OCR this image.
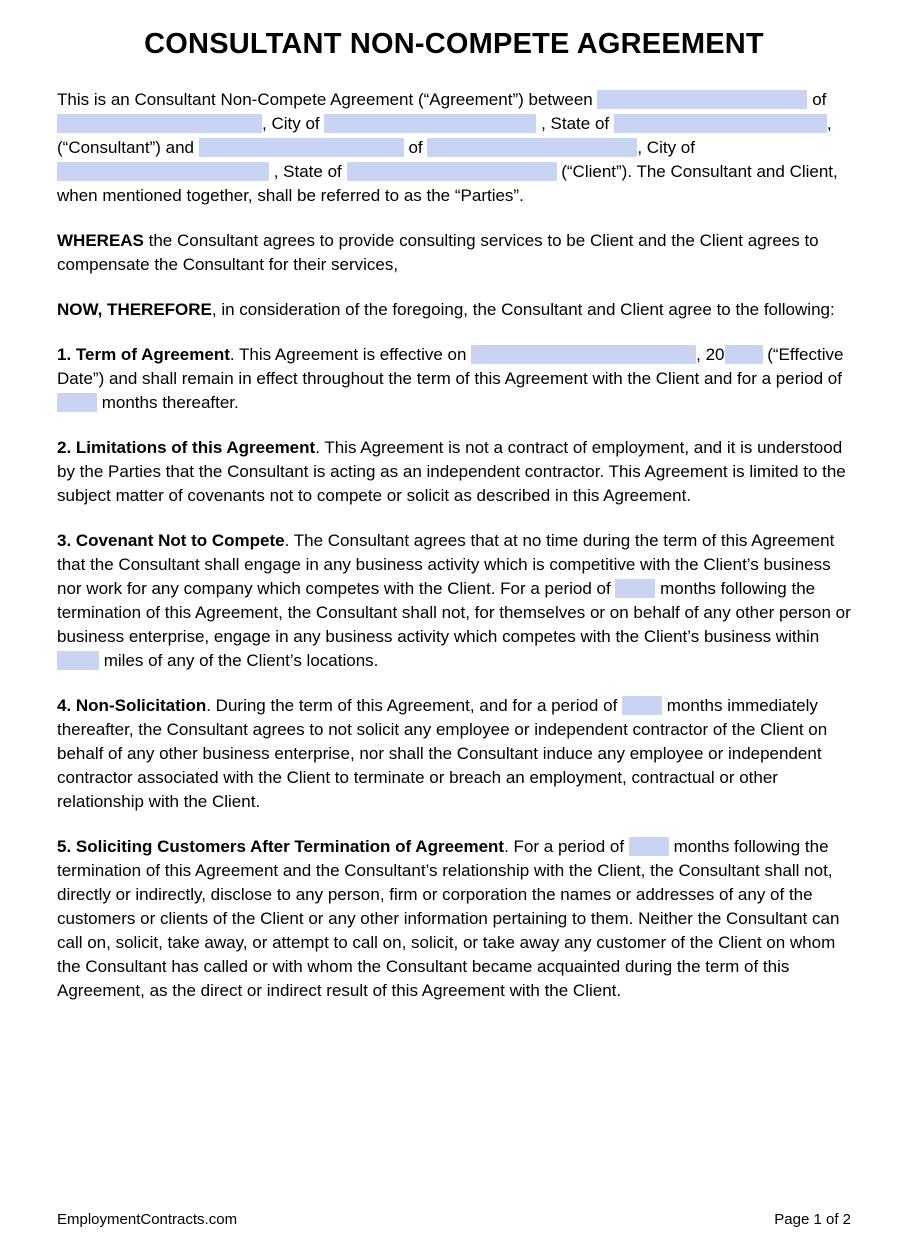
CONSULTANT NON-COMPETE AGREEMENT

This is an Consultant Non-Compete Agreement (“Agreement”) between	of , City of	, State of	, (“Consultant”) and	of	, City of  , State of	(“Client”). The Consultant and Client, when mentioned together, shall be referred to as the “Parties”.

WHEREAS the Consultant agrees to provide consulting services to be Client and the Client agrees to compensate the Consultant for their services,

NOW, THEREFORE, in consideration of the foregoing, the Consultant and Client agree to the following:

1. Term of Agreement. This Agreement is effective on	, 20 (“Effective Date”) and shall remain in effect throughout the term of this Agreement with the Client and for a period of  months thereafter.

2. Limitations of this Agreement. This Agreement is not a contract of employment, and it is understood by the Parties that the Consultant is acting as an independent contractor. This Agreement is limited to the subject matter of covenants not to compete or solicit as described in this Agreement.

3. Covenant Not to Compete. The Consultant agrees that at no time during the term of this Agreement that the Consultant shall engage in any business activity which is competitive with the Client’s business nor work for any company which competes with the Client. For a period of  months following the termination of this Agreement, the Consultant shall not, for themselves or on behalf of any other person or business enterprise, engage in any business activity which competes with the Client’s business within  miles of any of the Client’s locations.

4. Non-Solicitation. During the term of this Agreement, and for a period of  months immediately thereafter, the Consultant agrees to not solicit any employee or independent contractor of the Client on behalf of any other business enterprise, nor shall the Consultant induce any employee or independent contractor associated with the Client to terminate or breach an employment, contractual or other relationship with the Client.

5. Soliciting Customers After Termination of Agreement. For a period of  months following the termination of this Agreement and the Consultant’s relationship with the Client, the Consultant shall not, directly or indirectly, disclose to any person, firm or corporation the names or addresses of any of the customers or clients of the Client or any other information pertaining to them. Neither the Consultant can call on, solicit, take away, or attempt to call on, solicit, or take away any customer of the Client on whom the Consultant has called or with whom the Consultant became acquainted during the term of this Agreement, as the direct or indirect result of this Agreement with the Client.

EmploymentContracts.com	Page 1 of 2
